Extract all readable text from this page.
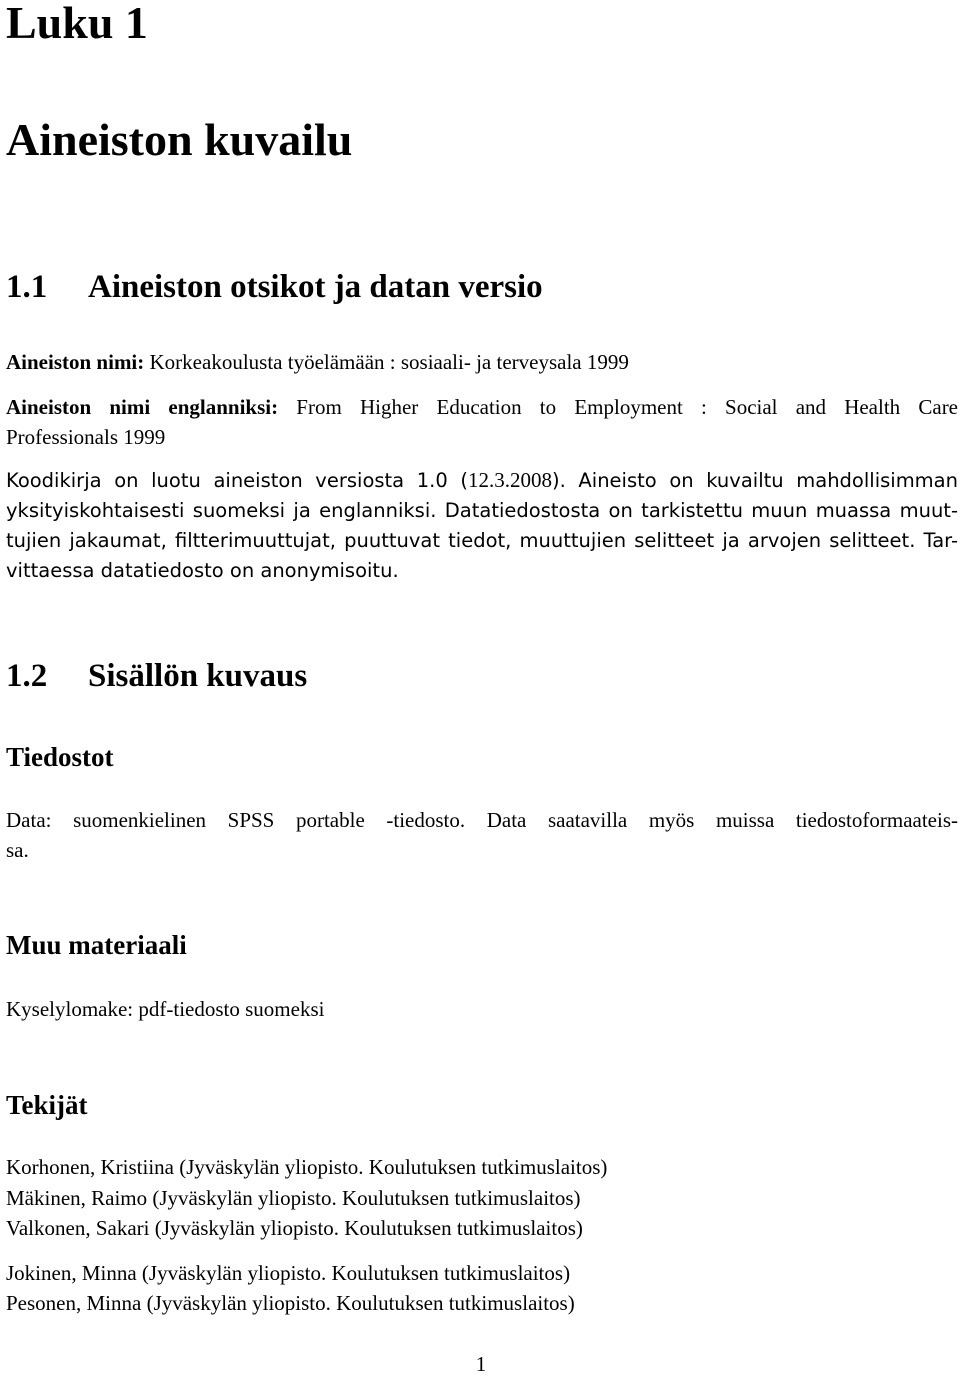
Luku 1
Aineiston kuvailu
1.1 Aineiston otsikot ja datan versio

Aineiston nimi: Korkeakoulusta työelämään : sosiaali- ja terveysala 1999

Aineiston nimi englanniksi: From Higher Education to Employment : Social and Health Care
Professionals 1999

Koodikirja on luotu aineiston versiosta 1.0 (12.3.2008). Aineisto on kuvailtu mahdollisimman
yksityiskohtaisesti suomeksi ja englanniksi. Datatiedostosta on tarkistettu muun muassa muut-
tujien jakaumat, filtterimuuttujat, puuttuvat tiedot, muuttujien selitteet ja arvojen selitteet. Tar-
vittaessa datatiedosto on anonymisoitu.

1.2 Sisällön kuvaus
Tiedostot

Data: suomenkielinen SPSS portable -tiedosto. Data saatavilla myös muissa tiedostoformaateis-
sa.

Muu materiaali

Kyselylomake: pdf-tiedosto suomeksi

Tekijät

Korhonen, Kristiina (Jyväskylän yliopisto. Koulutuksen tutkimuslaitos)

Mäkinen, Raimo (Jyväskylän yliopisto. Koulutuksen tutkimuslaitos)

Valkonen, Sakari (Jyväskylän yliopisto. Koulutuksen tutkimuslaitos)

Jokinen, Minna (Jyväskylän yliopisto. Koulutuksen tutkimuslaitos)

Pesonen, Minna (Jyväskylän yliopisto. Koulutuksen tutkimuslaitos)

1
